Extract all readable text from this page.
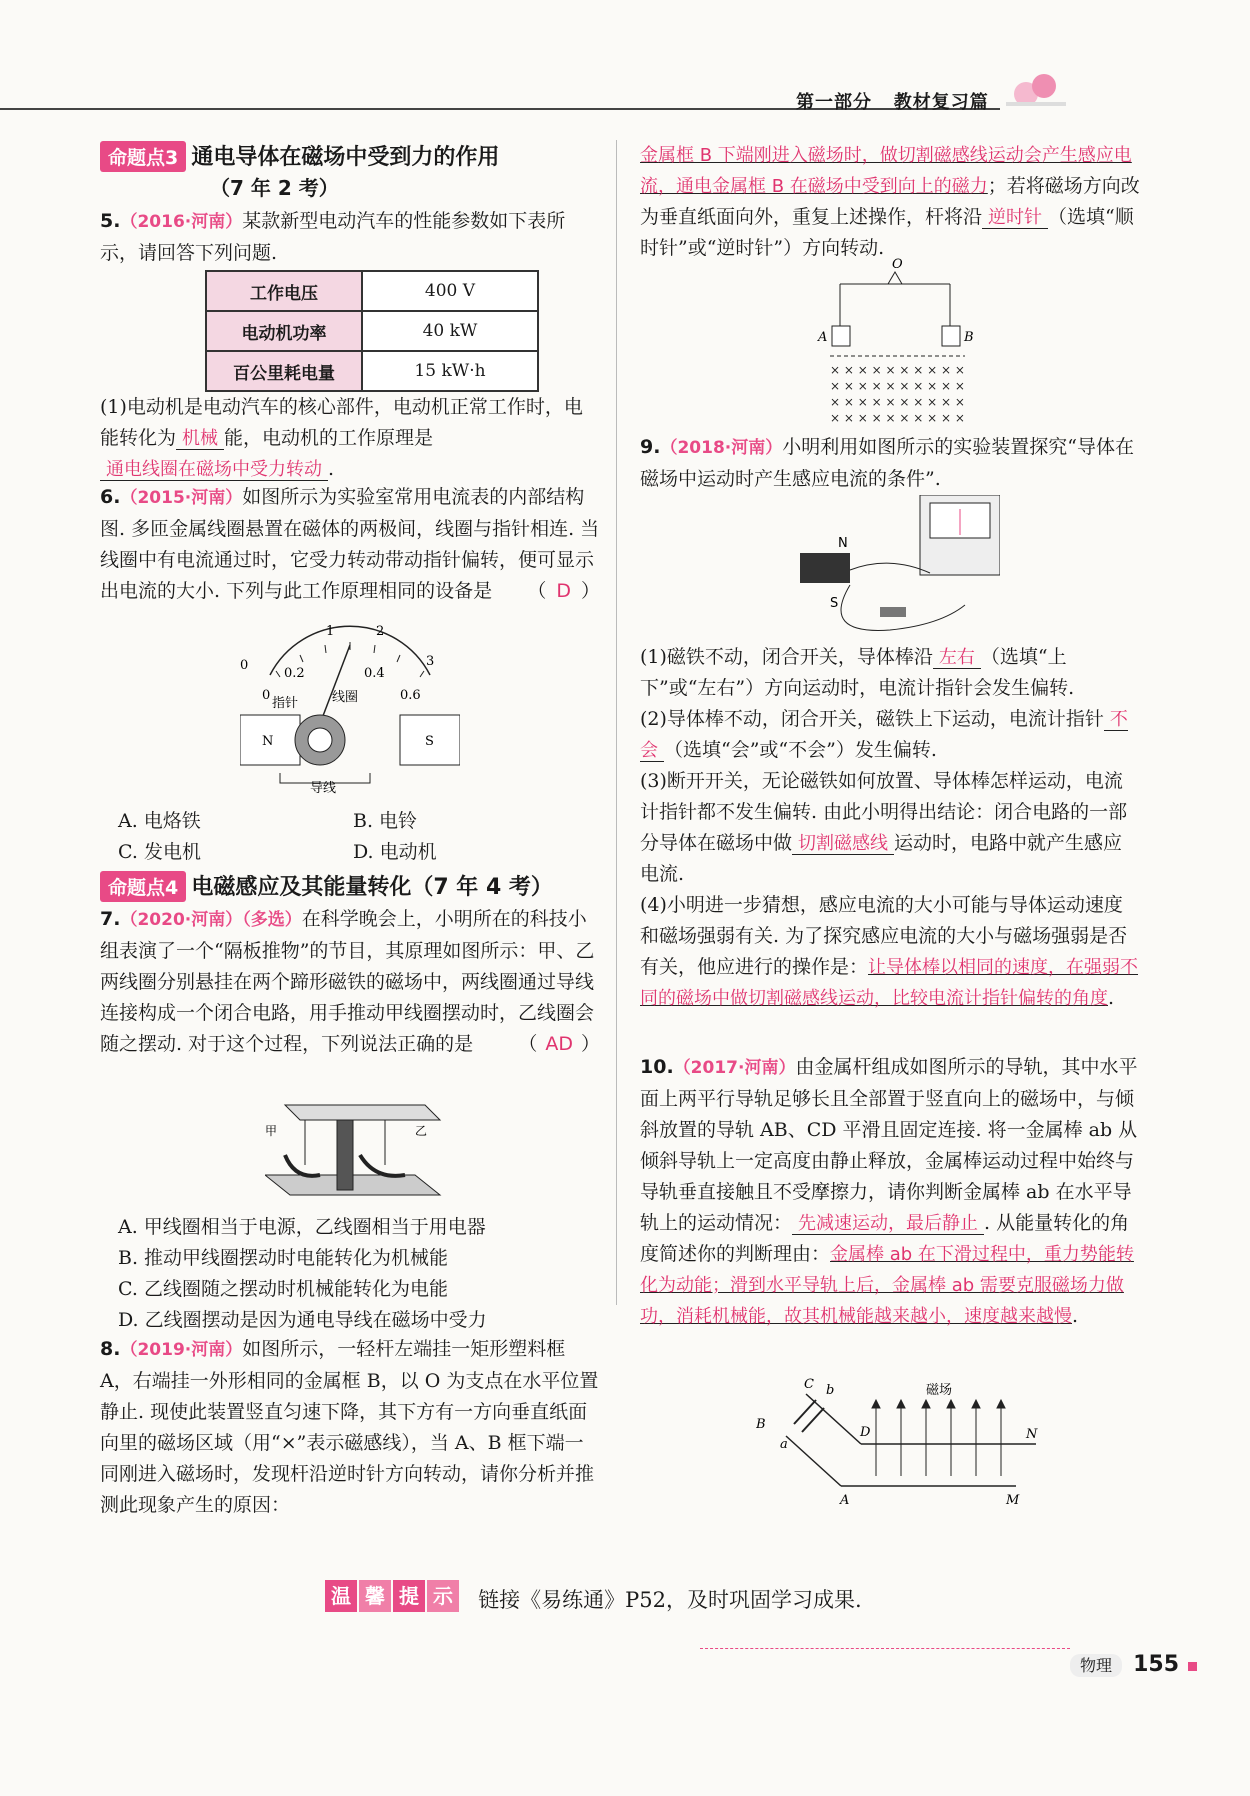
第一部分 教材复习篇
命题点3 通电导体在磁场中受到力的作用
（7 年 2 考）
5.（2016·河南）某款新型电动汽车的性能参数如下表所示，请回答下列问题.
工作电压	400 V
电动机功率	40 kW
百公里耗电量	15 kW·h
(1)电动机是电动汽车的核心部件，电动机正常工作时，电能转化为 机械 能，电动机的工作原理是
通电线圈在磁场中受力转动 .
6.（2015·河南）如图所示为实验室常用电流表的内部结构图. 多匝金属线圈悬置在磁体的两极间，线圈与指针相连. 当线圈中有电流通过时，它受力转动带动指针偏转，便可显示出电流的大小. 下列与此工作原理相同的设备是 （ D ）
1	2
0
0.2	0.4
3
0	0.6
指针	线圈
N	S
导线
A. 电烙铁	B. 电铃
C. 发电机	D. 电动机
命题点4 电磁感应及其能量转化（7 年 4 考）
7.（2020·河南）（多选）在科学晚会上，小明所在的科技小组表演了一个“隔板推物”的节目，其原理如图所示：甲、乙两线圈分别悬挂在两个蹄形磁铁的磁场中，两线圈通过导线连接构成一个闭合电路，用手推动甲线圈摆动时，乙线圈会随之摆动. 对于这个过程，下列说法正确的是 （ AD ）
甲	乙
A. 甲线圈相当于电源，乙线圈相当于用电器
B. 推动甲线圈摆动时电能转化为机械能
C. 乙线圈随之摆动时机械能转化为电能
D. 乙线圈摆动是因为通电导线在磁场中受力
8.（2019·河南）如图所示，一轻杆左端挂一矩形塑料框 A，右端挂一外形相同的金属框 B，以 O 为支点在水平位置静止. 现使此装置竖直匀速下降，其下方有一方向垂直纸面向里的磁场区域（用“×”表示磁感线），当 A、B 框下端一同刚进入磁场时，发现杆沿逆时针方向转动，请你分析并推测此现象产生的原因：
金属框 B 下端刚进入磁场时，做切割磁感线运动会产生感应电流，通电金属框 B 在磁场中受到向上的磁力；若将磁场方向改为垂直纸面向外，重复上述操作，杆将沿 逆时针 （选填“顺时针”或“逆时针”）方向转动.
O
A	B
× × × × × × × × × ×
× × × × × × × × × ×
× × × × × × × × × ×
× × × × × × × × × ×
9.（2018·河南）小明利用如图所示的实验装置探究“导体在磁场中运动时产生感应电流的条件”.
N
S
(1)磁铁不动，闭合开关，导体棒沿 左右 （选填“上下”或“左右”）方向运动时，电流计指针会发生偏转.
(2)导体棒不动，闭合开关，磁铁上下运动，电流计指针 不会 （选填“会”或“不会”）发生偏转.
(3)断开开关，无论磁铁如何放置、导体棒怎样运动，电流计指针都不发生偏转. 由此小明得出结论：闭合电路的一部分导体在磁场中做 切割磁感线 运动时，电路中就产生感应电流.
(4)小明进一步猜想，感应电流的大小可能与导体运动速度和磁场强弱有关. 为了探究感应电流的大小与磁场强弱是否有关，他应进行的操作是：让导体棒以相同的速度，在强弱不同的磁场中做切割磁感线运动，比较电流计指针偏转的角度.
10.（2017·河南）由金属杆组成如图所示的导轨，其中水平面上两平行导轨足够长且全部置于竖直向上的磁场中，与倾斜放置的导轨 AB、CD 平滑且固定连接. 将一金属棒 ab 从倾斜导轨上一定高度由静止释放，金属棒运动过程中始终与导轨垂直接触且不受摩擦力，请你判断金属棒 ab 在水平导轨上的运动情况： 先减速运动，最后静止 . 从能量转化的角度简述你的判断理由：金属棒 ab 在下滑过程中，重力势能转化为动能；滑到水平导轨上后，金属棒 ab 需要克服磁场力做功，消耗机械能，故其机械能越来越小，速度越来越慢.
磁场
C b
B
a
D	N
A	M
温 馨 提 示 链接《易练通》P52，及时巩固学习成果.
物理 155
